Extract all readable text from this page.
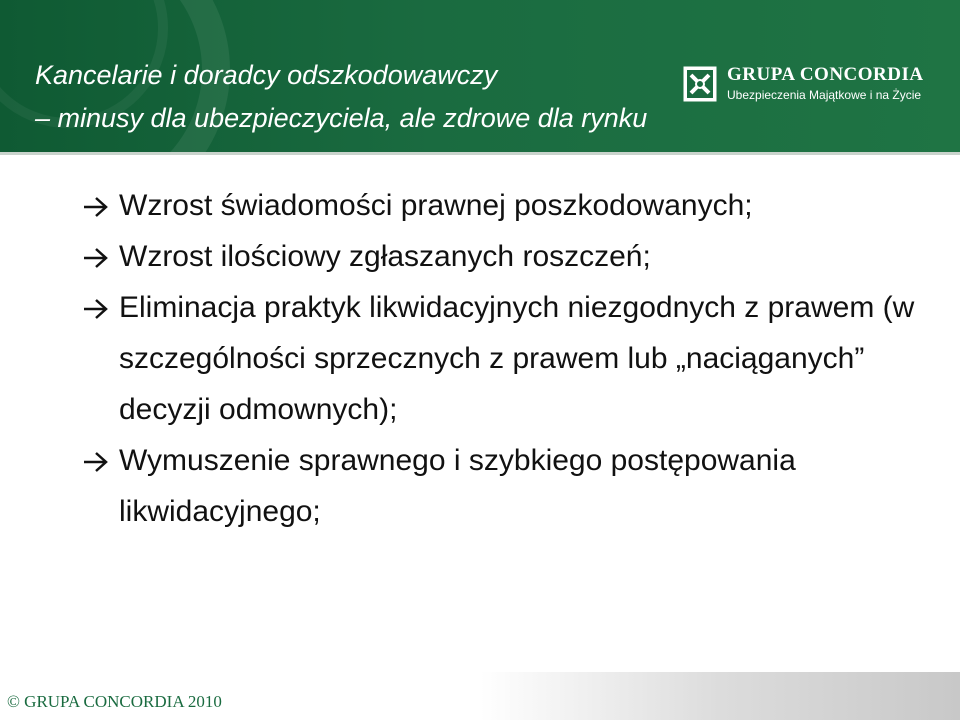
Kancelarie i doradcy odszkodowawczy
– minusy dla ubezpieczyciela, ale zdrowe dla rynku
GRUPA CONCORDIA
Ubezpieczenia Majątkowe i na Życie
Wzrost świadomości prawnej poszkodowanych;
Wzrost ilościowy zgłaszanych roszczeń;
Eliminacja praktyk likwidacyjnych niezgodnych z prawem (w szczególności sprzecznych z prawem lub „naciąganych” decyzji odmownych);
Wymuszenie sprawnego i szybkiego postępowania likwidacyjnego;
© GRUPA CONCORDIA 2010
